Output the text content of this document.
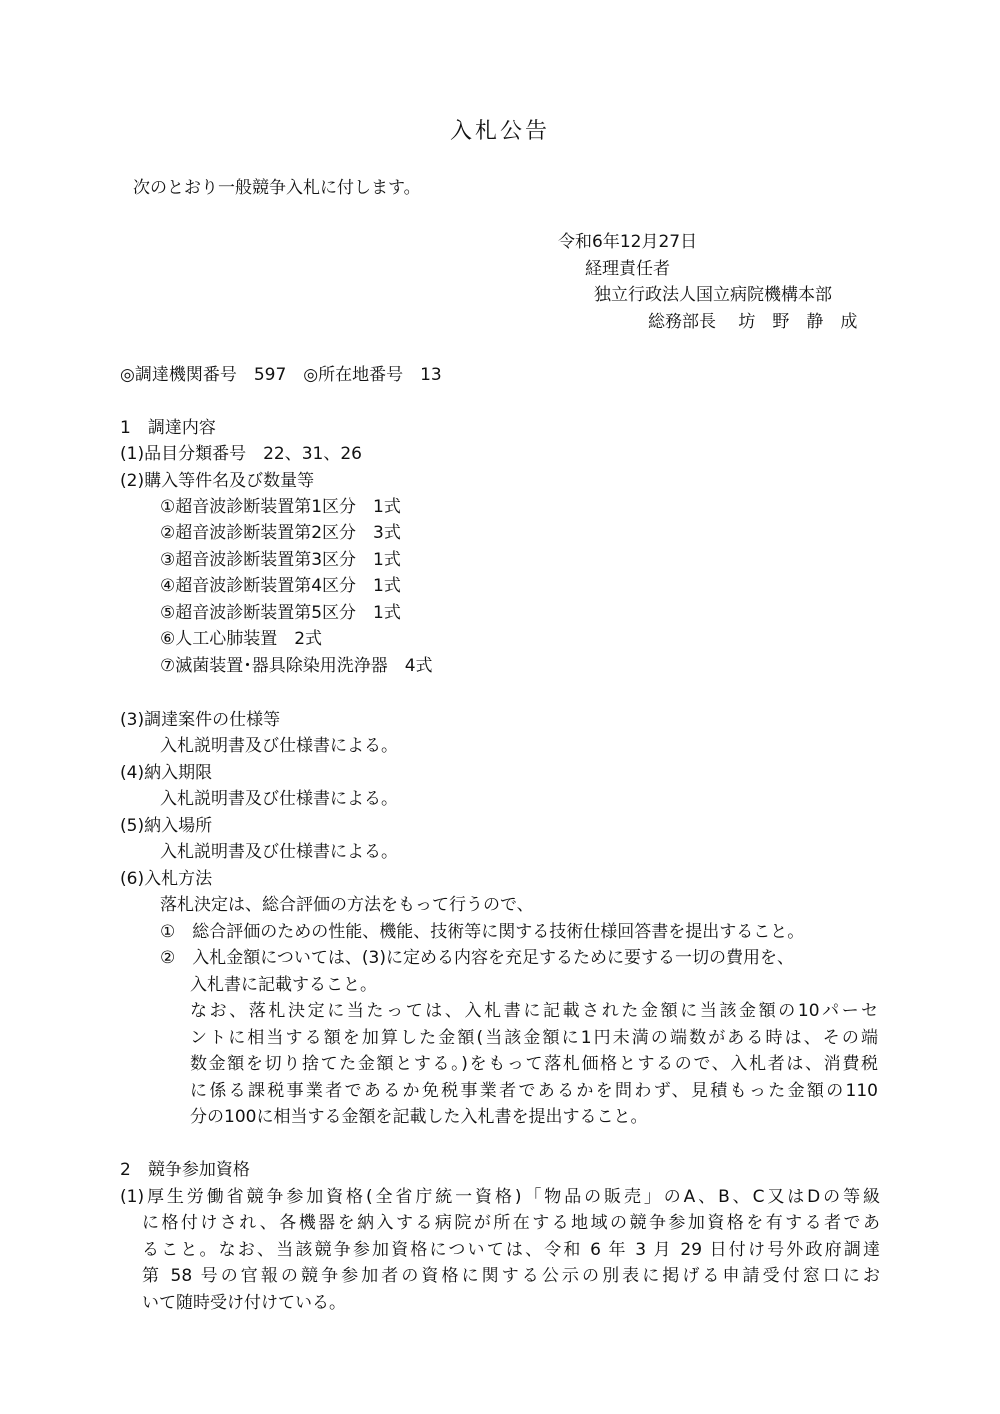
入札公告
次のとおり一般競争入札に付します。
令和6年12月27日
経理責任者
独立行政法人国立病院機構本部
総務部長　 坊　野　静　成
◎調達機関番号　597　◎所在地番号　13
1　調達内容
(1)品目分類番号　22、31、26
(2)購入等件名及び数量等
①超音波診断装置第1区分　1式
②超音波診断装置第2区分　3式
③超音波診断装置第3区分　1式
④超音波診断装置第4区分　1式
⑤超音波診断装置第5区分　1式
⑥人工心肺装置　2式
⑦滅菌装置･器具除染用洗浄器　4式
(3)調達案件の仕様等
入札説明書及び仕様書による。
(4)納入期限
入札説明書及び仕様書による。
(5)納入場所
入札説明書及び仕様書による。
(6)入札方法
落札決定は、総合評価の方法をもって行うので、
①　総合評価のための性能、機能、技術等に関する技術仕様回答書を提出すること。
②　入札金額については、(3)に定める内容を充足するために要する一切の費用を、
入札書に記載すること。
なお、落札決定に当たっては、入札書に記載された金額に当該金額の10パーセ
ントに相当する額を加算した金額(当該金額に1円未満の端数がある時は、その端
数金額を切り捨てた金額とする。)をもって落札価格とするので、入札者は、消費税
に係る課税事業者であるか免税事業者であるかを問わず、見積もった金額の110
分の100に相当する金額を記載した入札書を提出すること。
2　競争参加資格
(1)厚生労働省競争参加資格(全省庁統一資格)「物品の販売」のA、B、C又はDの等級
に格付けされ、各機器を納入する病院が所在する地域の競争参加資格を有する者であ
ること。なお、当該競争参加資格については、令和 6 年 3 月 29 日付け号外政府調達
第 58 号の官報の競争参加者の資格に関する公示の別表に掲げる申請受付窓口にお
いて随時受け付けている。
